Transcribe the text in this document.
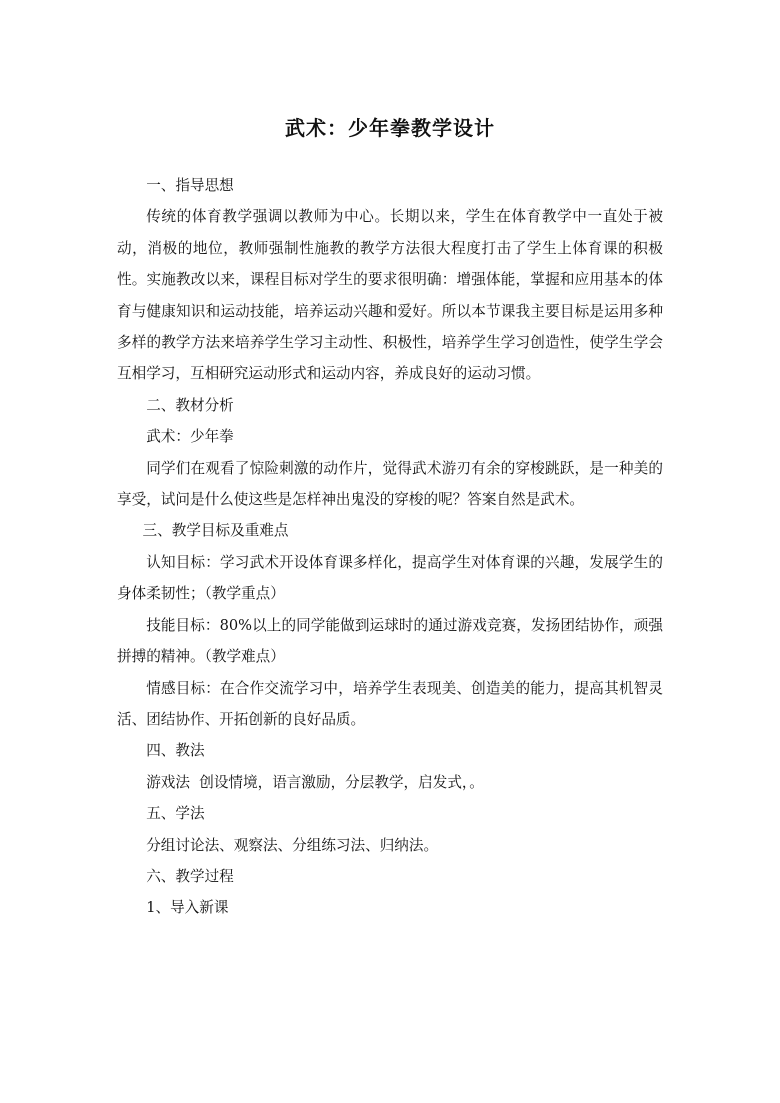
武术：少年拳教学设计

一、指导思想

传统的体育教学强调以教师为中心。长期以来，学生在体育教学中一直处于被动，消极的地位，教师强制性施教的教学方法很大程度打击了学生上体育课的积极性。实施教改以来，课程目标对学生的要求很明确：增强体能，掌握和应用基本的体育与健康知识和运动技能，培养运动兴趣和爱好。所以本节课我主要目标是运用多种多样的教学方法来培养学生学习主动性、积极性，培养学生学习创造性，使学生学会互相学习，互相研究运动形式和运动内容，养成良好的运动习惯。

二、教材分析

武术：少年拳

同学们在观看了惊险刺激的动作片，觉得武术游刃有余的穿梭跳跃，是一种美的享受，试问是什么使这些是怎样神出鬼没的穿梭的呢？答案自然是武术。

三、教学目标及重难点

认知目标：学习武术开设体育课多样化，提高学生对体育课的兴趣，发展学生的身体柔韧性；（教学重点）

技能目标：80%以上的同学能做到运球时的通过游戏竞赛，发扬团结协作，顽强拼搏的精神。（教学难点）

情感目标：在合作交流学习中，培养学生表现美、创造美的能力，提高其机智灵活、团结协作、开拓创新的良好品质。

四、教法

游戏法  创设情境，语言激励，分层教学，启发式，。

五、学法

分组讨论法、观察法、分组练习法、归纳法。

六、教学过程

1、导入新课
